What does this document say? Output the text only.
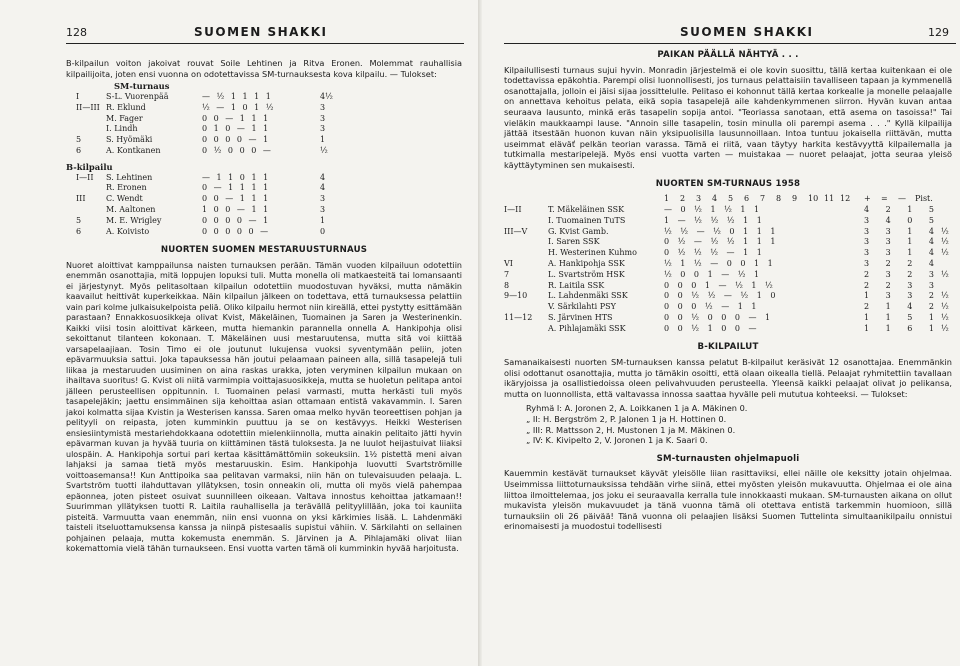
128	SUOMEN SHAKKI

B-kilpailun voiton jakoivat rouvat Soile Lehtinen ja Ritva Eronen. Molemmat rauhallisia kilpailijoita, joten ensi vuonna on odotettavissa SM-turnauksesta kova kilpailu. — Tulokset:

SM-turnaus
I	S-L. Vuorenpää	— ½ 1 1 1 1	4½
II—III R. Eklund	½ — 1 0 1 ½	3
M. Fager	0 0 — 1 1 1	3
I. Lindh	0 1 0 — 1 1	3
5	S. Hyömäki	0 0 0 0 — 1	1
6	A. Kontkanen	0 ½ 0 0 0 —	½
B-kilpailu
I—II S. Lehtinen	— 1 1 0 1 1	4
R. Eronen	0 — 1 1 1 1	4
III	C. Wendt	0 0 — 1 1 1	3
M. Aaltonen	1 0 0 — 1 1	3
5	M. E. Wrigley	0 0 0 0 — 1	1
6	A. Koivisto	0 0 0 0 0 —	0
NUORTEN SUOMEN MESTARUUSTURNAUS

Nuoret aloittivat kamppailunsa naisten turnauksen perään. Tämän vuoden kilpailuun odotettiin enemmän osanottajia, mitä loppujen lopuksi tuli. Mutta monella oli matkaesteitä tai lomansaanti ei järjestynyt. Myös pelitasoltaan kilpailun odotettiin muodostuvan hyväksi, mutta nämäkin kaavailut heittivät kuperkeikkaa. Näin kilpailun jälkeen on todettava, että turnauksessa pelattiin vain pari kolme julkaisukelpoista peliä. Oliko kilpailu hermot niin kireällä, ettei pystytty esittämään parastaan? Ennakkosuosikkeja olivat Kvist, Mäkeläinen, Tuomainen ja Saren ja Westerinenkin. Kaikki viisi tosin aloittivat kärkeen, mutta hiemankin parannella onnella A. Hankipohja olisi sekoittanut tilanteen kokonaan. T. Mäkeläinen uusi mestaruutensa, mutta sitä voi kiittää varsapelaajiaan. Tosin Timo ei ole joutunut lukujensa vuoksi syventymään peliin, joten epävarmuuksia sattui. Joka tapauksessa hän joutui pelaamaan paineen alla, sillä tasapelejä tuli liikaa ja mestaruuden uusiminen on aina raskas urakka, joten veryminen kilpailun mukaan on ihailtava suoritus! G. Kvist oli niitä varmimpia voittajasuosikkeja, mutta se huoletun pelitapa antoi jälleen perusteellisen oppitunnin. I. Tuomainen pelasi varmasti, mutta herkästi tuli myös tasapelejäkin; jaettu ensimmäinen sija kehoittaa asian ottamaan entistä vakavammin. I. Saren jakoi kolmatta sijaa Kvistin ja Westerisen kanssa. Saren omaa melko hyvän teoreettisen pohjan ja pelityyli on reipasta, joten kumminkin puuttuu ja se on kestävyys. Heikki Westerisen ensiesiintymistä mestariehdokkaana odotettiin mielenkiinnolla, mutta ainakin pelitaito jätti hyvin epävarman kuvan ja hyvää tuuria on kiittäminen tästä tuloksesta. Ja ne luulot heijastuivat liiaksi ulospäin. A. Hankipohja sortui pari kertaa käsittämättömiin sokeuksiin. 1½ pistettä meni aivan lahjaksi ja samaa tietä myös mestaruuskin. Esim. Hankipohja luovutti Svartströmille voittoasemansa!! Kun Anttipoika saa pelitavan varmaksi, niin hän on tulevaisuuden pelaaja. L. Svartström tuotti ilahduttavan yllätyksen, tosin onneakin oli, mutta oli myös vielä pahempaa epäonnea, joten pisteet osuivat suunnilleen oikeaan. Valtava innostus kehoittaa jatkamaan!! Suurimman yllätyksen tuotti R. Laitila rauhallisella ja terävällä pelityylillään, joka toi kauniita pisteitä. Varmuutta vaan enemmän, niin ensi vuonna on yksi kärkimies lisää. L. Lahdenmäki taisteli itseluottamuksensa kanssa ja niinpä pistesaalis supistui vähiin. V. Särkilahti on sellainen pohjainen pelaaja, mutta kokemusta enemmän. S. Järvinen ja A. Pihlajamäki olivat liian kokemattomia vielä tähän turnaukseen. Ensi vuotta varten tämä oli kumminkin hyvää harjoitusta.

SUOMEN SHAKKI	129
PAIKAN PÄÄLLÄ NÄHTYÄ . . .

Kilpailullisesti turnaus sujui hyvin. Monradin järjestelmä ei ole kovin suosittu, tällä kertaa kuitenkaan ei ole todettavissa epäkohtia. Parempi olisi luonnollisesti, jos turnaus pelattaisiin tavalliseen tapaan ja kymmenellä osanottajalla, jolloin ei jäisi sijaa jossittelulle. Pelitaso ei kohonnut tällä kertaa korkealle ja monelle pelaajalle on annettava kehoitus pelata, eikä sopia tasapelejä aile kahdenkymmenen siirron. Hyvän kuvan antaa seuraava lausunto, minkä eräs tasapelin sopija antoi. "Teoriassa sanotaan, että asema on tasoissa!" Tai vieläkin maukkaampi lause. "Annoin sille tasapelin, tosin minulla oli parempi asema . . ." Kyllä kilpailija jättää itsestään huonon kuvan näin yksipuolisilla lausunnoillaan. Intoa tuntuu jokaisella riittävän, mutta useimmat eläväť pelkän teorian varassa. Tämä ei riitä, vaan täytyy harkita kestävyyttä kilpailemalla ja tutkimalla mestaripelejä. Myös ensi vuotta varten — muistakaa — nuoret pelaajat, jotta seuraa yleisö käyttäytyminen sen mukaisesti.

NUORTEN SM-TURNAUS 1958
1 2 3 4 5 6 7 8 9 10 11 12 + = — Pist.
I—II	T. Mäkeläinen SSK	— 0 ½ 1 ½ 1 1	4 2 1 5
I. Tuomainen TuTS	1 — ½ ½ ½ 1 1	3 4 0 5
III—V	G. Kvist Gamb.	½ ½ — ½ 0 1 1 1	3 3 1 4½
I. Saren SSK	0 ½ — ½ ½ 1 1 1	3 3 1 4½
H. Westerinen Kuhmo	0 ½ ½ ½ — 1 1	3 3 1 4½
VI	A. Hankipohja SSK	½ 1 ½ — 0 0 1 1	3 2 2 4
7	L. Svartström HSK	½ 0 0 1 — ½ 1	2 3 2 3½
8	R. Laitila SSK	0 0 0 1 — ½ 1 ½	2 2 3 3
9—10	L. Lahdenmäki SSK	0 0 ½ ½ — ½ 1 0	1 3 3 2½
V. Särkilahti PSY	0 0 0 ½ — 1 1	2 1 4 2½
11—12 S. Järvinen HTS	0 0 ½ 0 0 0 — 1	1 1 5 1½
A. Pihlajamäki SSK	0 0 ½ 1 0 0 —	1 1 6 1½
B-KILPAILUT

Samanaikaisesti nuorten SM-turnauksen kanssa pelatut B-kilpailut keräsivät 12 osanottajaa. Enemmänkin olisi odottanut osanottajia, mutta jo tämäkin osoitti, että olaan oikealla tiellä. Pelaajat ryhmitettiin tavallaan ikäryjoissa ja osallistiedoissa oleen pelivahvuuden perusteella. Yleensä kaikki pelaajat olivat jo pelikansa, mutta on luonnollista, että valtavassa innossa saattaa hyvälle peli mututua kohteeksi. — Tulokset:

Ryhmä I: A. Joronen 2, A. Loikkanen 1 ja A. Mäkinen 0.
„ II: H. Bergström 2, P. Jalonen 1 ja H. Hottinen 0.
„ III: R. Mattsson 2, H. Mustonen 1 ja M. Mäkinen 0.
„ IV: K. Kivipelto 2, V. Joronen 1 ja K. Saari 0.
SM-turnausten ohjelmapuoli

Kauemmin kestävät turnaukset käyvät yleisölle liian rasittaviksi, ellei näille ole keksitty jotain ohjelmaa. Useimmissa liittoturnauksissa tehdään virhe siinä, ettei myösten yleisön mukavuutta. Ohjelmaa ei ole aina liittoa ilmoittelemaa, jos joku ei seuraavalla kerralla tule innokkaasti mukaan. SM-turnausten aikana on ollut mukavista yleisön mukavuudet ja tänä vuonna tämä oli otettava entistä tarkemmin huomioon, sillä turnauksiin oli 26 päivää! Tänä vuonna oli pelaajien lisäksi Suomen Tuttelinta simultaanikilpailu onnistui erinomaisesti ja muodostui todellisesti
